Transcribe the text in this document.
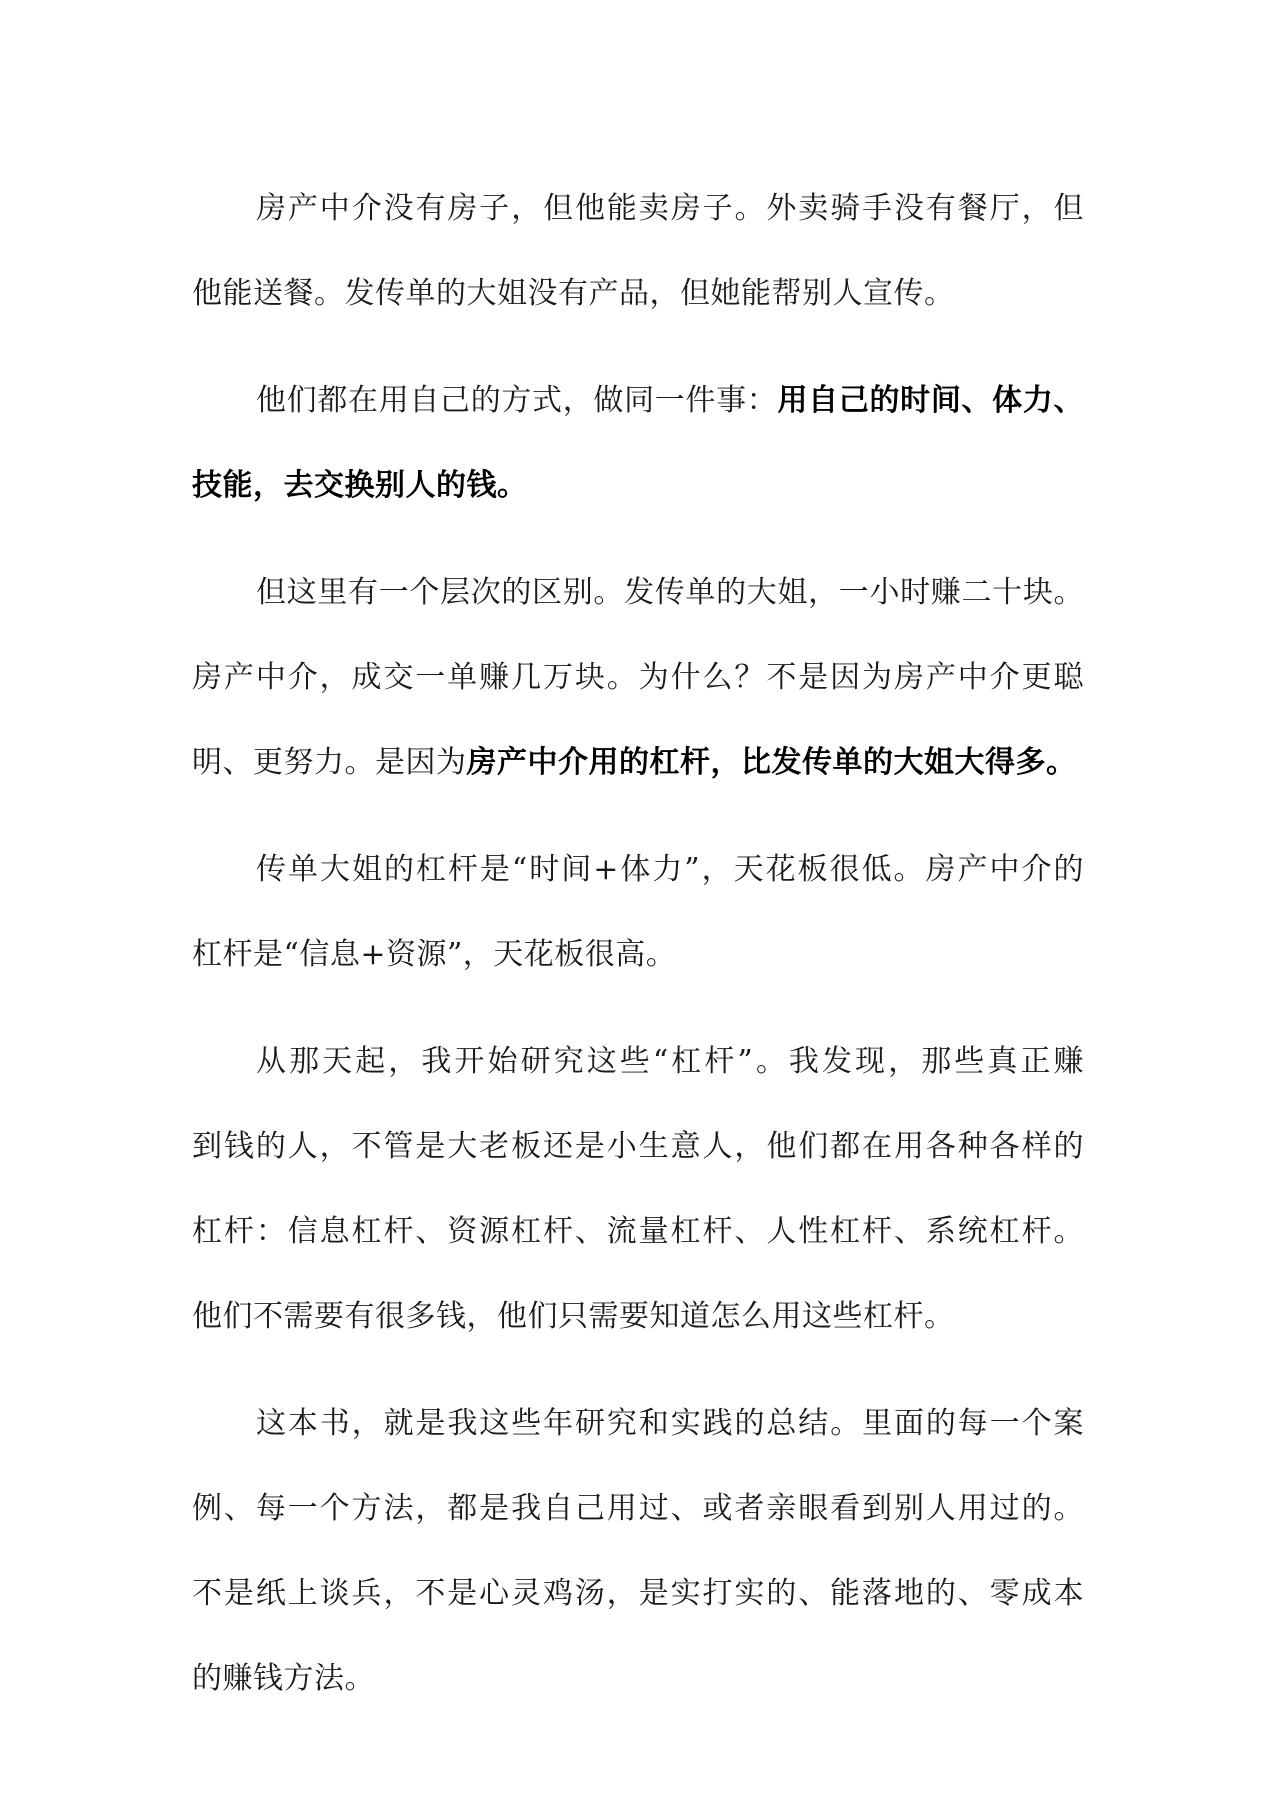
房产中介没有房子，但他能卖房子。外卖骑手没有餐厅，但
他能送餐。发传单的大姐没有产品，但她能帮别人宣传。
他们都在用自己的方式，做同一件事：用自己的时间、体力、
技能，去交换别人的钱。
但这里有一个层次的区别。发传单的大姐，一小时赚二十块。
房产中介，成交一单赚几万块。为什么？不是因为房产中介更聪
明、更努力。是因为房产中介用的杠杆，比发传单的大姐大得多。
传单大姐的杠杆是“时间+体力”，天花板很低。房产中介的
杠杆是“信息+资源”，天花板很高。
从那天起，我开始研究这些“杠杆”。我发现，那些真正赚
到钱的人，不管是大老板还是小生意人，他们都在用各种各样的
杠杆：信息杠杆、资源杠杆、流量杠杆、人性杠杆、系统杠杆。
他们不需要有很多钱，他们只需要知道怎么用这些杠杆。
这本书，就是我这些年研究和实践的总结。里面的每一个案
例、每一个方法，都是我自己用过、或者亲眼看到别人用过的。
不是纸上谈兵，不是心灵鸡汤，是实打实的、能落地的、零成本
的赚钱方法。
